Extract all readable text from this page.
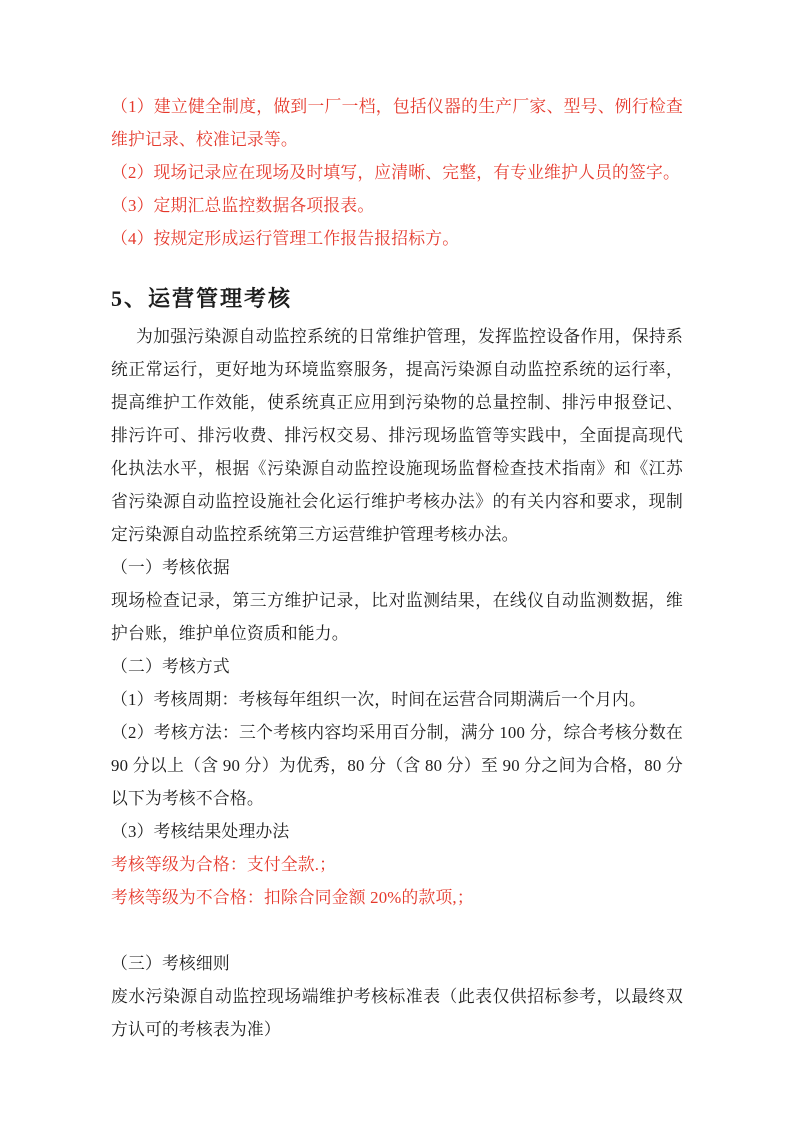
（1）建立健全制度，做到一厂一档，包括仪器的生产厂家、型号、例行检查维护记录、校准记录等。

（2）现场记录应在现场及时填写，应清晰、完整，有专业维护人员的签字。

（3）定期汇总监控数据各项报表。

（4）按规定形成运行管理工作报告报招标方。

5、运营管理考核

为加强污染源自动监控系统的日常维护管理，发挥监控设备作用，保持系统正常运行，更好地为环境监察服务，提高污染源自动监控系统的运行率，提高维护工作效能，使系统真正应用到污染物的总量控制、排污申报登记、排污许可、排污收费、排污权交易、排污现场监管等实践中，全面提高现代化执法水平，根据《污染源自动监控设施现场监督检查技术指南》和《江苏省污染源自动监控设施社会化运行维护考核办法》的有关内容和要求，现制定污染源自动监控系统第三方运营维护管理考核办法。

（一）考核依据

现场检查记录，第三方维护记录，比对监测结果，在线仪自动监测数据，维护台账，维护单位资质和能力。

（二）考核方式

（1）考核周期：考核每年组织一次，时间在运营合同期满后一个月内。

（2）考核方法：三个考核内容均采用百分制，满分 100 分，综合考核分数在 90 分以上（含 90 分）为优秀，80 分（含 80 分）至 90 分之间为合格，80 分以下为考核不合格。

（3）考核结果处理办法

考核等级为合格：支付全款.；

考核等级为不合格：扣除合同金额 20%的款项,；

（三）考核细则

废水污染源自动监控现场端维护考核标准表（此表仅供招标参考，以最终双方认可的考核表为准）
